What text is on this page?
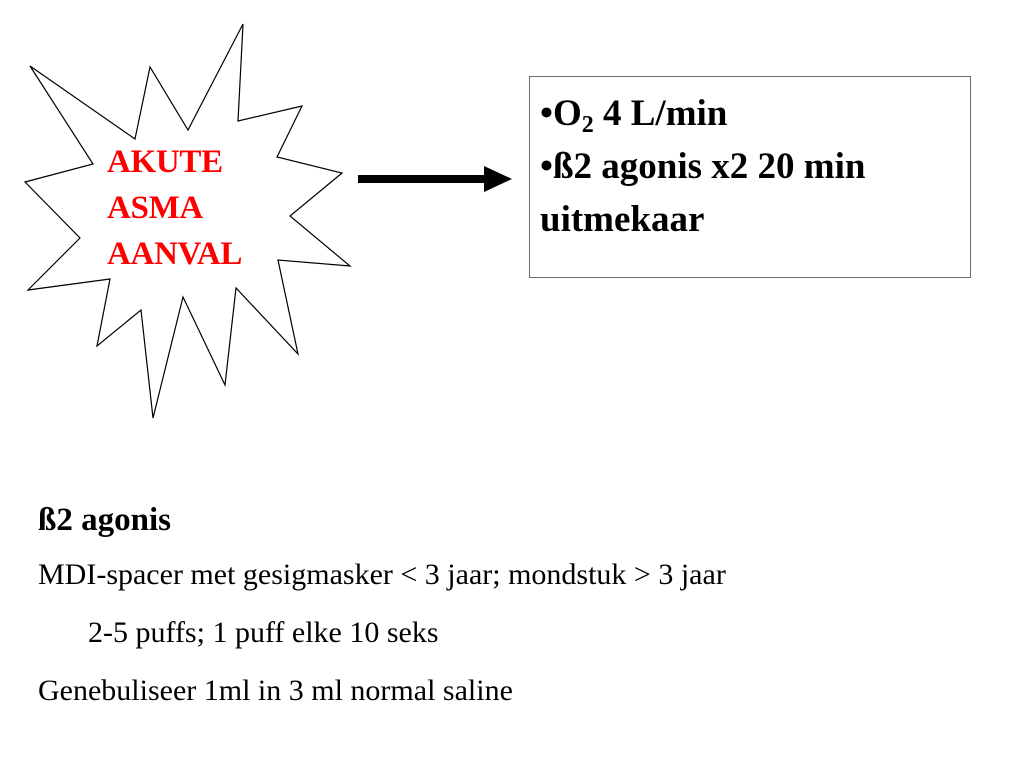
AKUTE
ASMA
AANVAL
$•O_2$ 4 L/min
•ß2 agonis x2 20 min uitmekaar
ß2 agonis
MDI-spacer met gesigmasker < 3 jaar; mondstuk > 3 jaar
2-5 puffs; 1 puff elke 10 seks
Genebuliseer 1ml in 3 ml normal saline
